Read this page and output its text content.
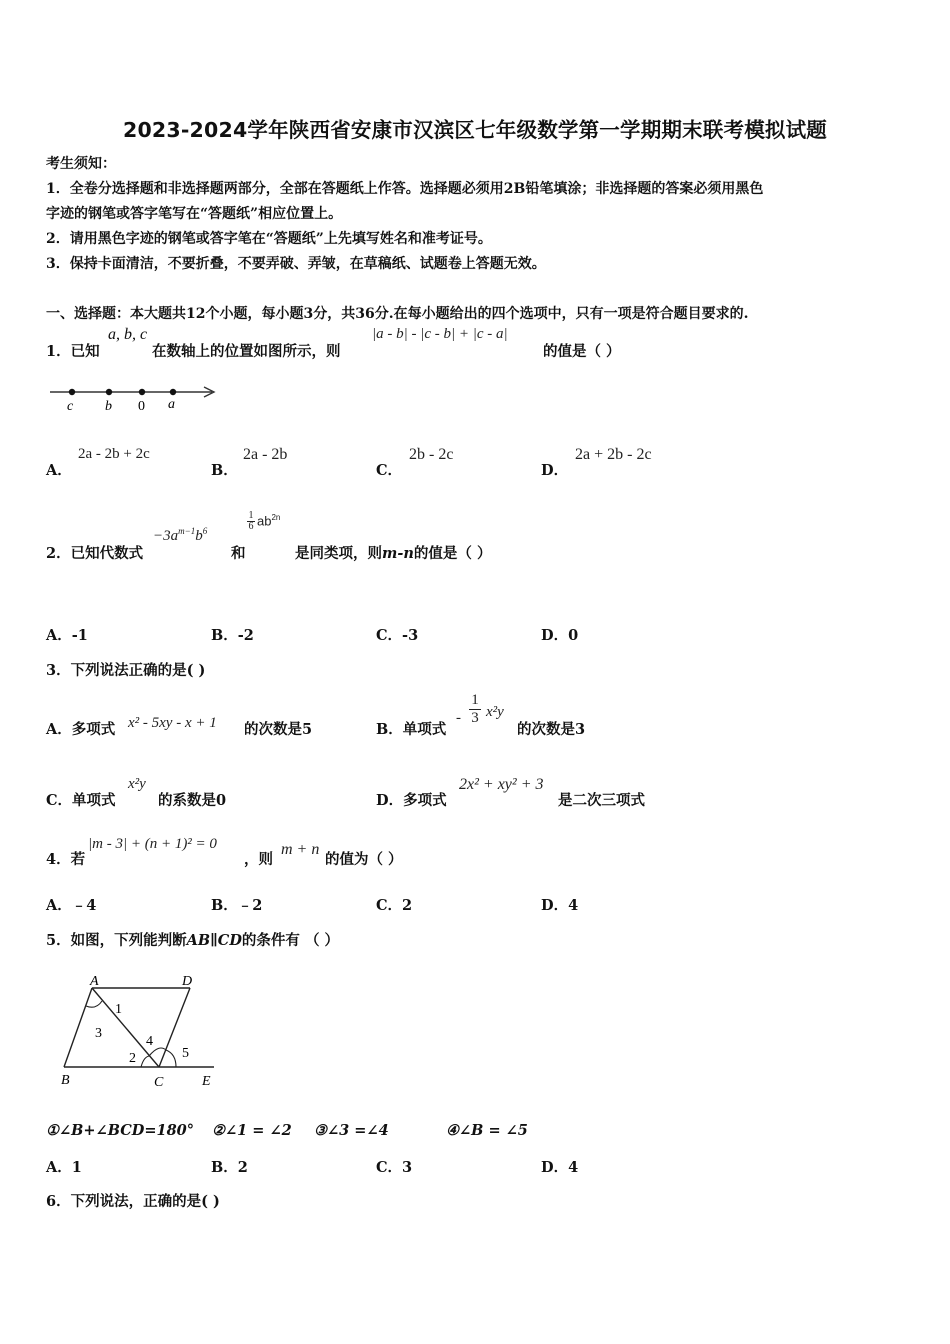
2023-2024学年陕西省安康市汉滨区七年级数学第一学期期末联考模拟试题
考生须知：
1．全卷分选择题和非选择题两部分，全部在答题纸上作答。选择题必须用2B铅笔填涂；非选择题的答案必须用黑色
字迹的钢笔或答字笔写在“答题纸”相应位置上。
2．请用黑色字迹的钢笔或答字笔在“答题纸”上先填写姓名和准考证号。
3．保持卡面清洁，不要折叠，不要弄破、弄皱，在草稿纸、试题卷上答题无效。
一、选择题：本大题共12个小题，每小题3分，共36分.在每小题给出的四个选项中，只有一项是符合题目要求的.
1．已知
a, b, c
在数轴上的位置如图所示，则
|a - b| - |c - b| + |c - a|
的值是（ ）
c b 0 a
A．
2a - 2b + 2c
B．
2a - 2b
C．
2b - 2c
D．
2a + 2b - 2c
2．已知代数式
$-3a^{m-1}b^6$
和
$\frac{1}{6} ab^{2n}$
是同类项，则m-n的值是（ ）
A．-1	B．-2	C．-3	D．0
3．下列说法正确的是( )
A．多项式 x² - 5xy - x + 1 的次数是5	B．单项式
- $\frac{1}{3} x^2y$
的次数是3
C．单项式
x²y
的系数是0	D．多项式
2x² + xy² + 3
是二次三项式
4．若
|m - 3| + (n + 1)² = 0
，则
m + n
的值为（ ）
A．﹣4	B．﹣2	C．2	D．4
5．如图，下列能判断AB∥CD的条件有 （ ）
A	D
B	C	E
1
3
2
4
5
①∠B+∠BCD=180° ②∠1 = ∠2 ③∠3 =∠4	④∠B = ∠5
A．1	B．2	C．3	D．4
6．下列说法，正确的是( )
